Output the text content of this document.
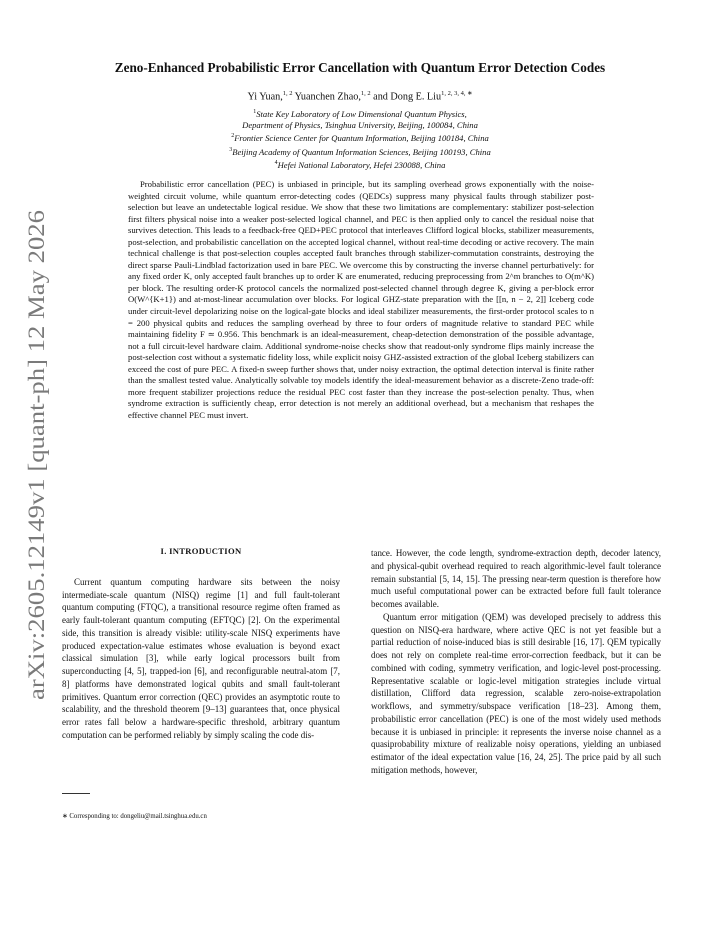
arXiv:2605.12149v1 [quant-ph] 12 May 2026
Zeno-Enhanced Probabilistic Error Cancellation with Quantum Error Detection Codes
Yi Yuan,$^{1, 2}$ Yuanchen Zhao,$^{1, 2}$ and Dong E. Liu$^{1, 2, 3, 4, ∗}$
$^1$State Key Laboratory of Low Dimensional Quantum Physics,
Department of Physics, Tsinghua University, Beijing, 100084, China
$^2$Frontier Science Center for Quantum Information, Beijing 100184, China
$^3$Beijing Academy of Quantum Information Sciences, Beijing 100193, China
$^4$Hefei National Laboratory, Hefei 230088, China
Probabilistic error cancellation (PEC) is unbiased in principle, but its sampling overhead grows exponentially with the noise-weighted circuit volume, while quantum error-detecting codes (QEDCs) suppress many physical faults through stabilizer post-selection but leave an undetectable logical residue. We show that these two limitations are complementary: stabilizer post-selection first filters physical noise into a weaker post-selected logical channel, and PEC is then applied only to cancel the residual noise that survives detection. This leads to a feedback-free QED+PEC protocol that interleaves Clifford logical blocks, stabilizer measurements, post-selection, and probabilistic cancellation on the accepted logical channel, without real-time decoding or active recovery. The main technical challenge is that post-selection couples accepted fault branches through stabilizer-commutation constraints, destroying the direct sparse Pauli-Lindblad factorization used in bare PEC. We overcome this by constructing the inverse channel perturbatively: for any fixed order K, only accepted fault branches up to order K are enumerated, reducing preprocessing from 2^m branches to O(m^K) per block. The resulting order-K protocol cancels the normalized post-selected channel through degree K, giving a per-block error O(W^{K+1}) and at-most-linear accumulation over blocks. For logical GHZ-state preparation with the [[n, n − 2, 2]] Iceberg code under circuit-level depolarizing noise on the logical-gate blocks and ideal stabilizer measurements, the first-order protocol scales to n = 200 physical qubits and reduces the sampling overhead by three to four orders of magnitude relative to standard PEC while maintaining fidelity F ≃ 0.956. This benchmark is an ideal-measurement, cheap-detection demonstration of the possible advantage, not a full circuit-level hardware claim. Additional syndrome-noise checks show that readout-only syndrome flips mainly increase the post-selection cost without a systematic fidelity loss, while explicit noisy GHZ-assisted extraction of the global Iceberg stabilizers can exceed the cost of pure PEC. A fixed-n sweep further shows that, under noisy extraction, the optimal detection interval is finite rather than the smallest tested value. Analytically solvable toy models identify the ideal-measurement behavior as a discrete-Zeno trade-off: more frequent stabilizer projections reduce the residual PEC cost faster than they increase the post-selection penalty. Thus, when syndrome extraction is sufficiently cheap, error detection is not merely an additional overhead, but a mechanism that reshapes the effective channel PEC must invert.
I. INTRODUCTION

Current quantum computing hardware sits between the noisy intermediate-scale quantum (NISQ) regime [1] and full fault-tolerant quantum computing (FTQC), a transitional resource regime often framed as early fault-tolerant quantum computing (EFTQC) [2]. On the experimental side, this transition is already visible: utility-scale NISQ experiments have produced expectation-value estimates whose evaluation is beyond exact classical simulation [3], while early logical processors built from superconducting [4, 5], trapped-ion [6], and reconfigurable neutral-atom [7, 8] platforms have demonstrated logical qubits and small fault-tolerant primitives. Quantum error correction (QEC) provides an asymptotic route to scalability, and the threshold theorem [9–13] guarantees that, once physical error rates fall below a hardware-specific threshold, arbitrary quantum computation can be performed reliably by simply scaling the code dis-

tance. However, the code length, syndrome-extraction depth, decoder latency, and physical-qubit overhead required to reach algorithmic-level fault tolerance remain substantial [5, 14, 15]. The pressing near-term question is therefore how much useful computational power can be extracted before full fault tolerance becomes available.

Quantum error mitigation (QEM) was developed precisely to address this question on NISQ-era hardware, where active QEC is not yet feasible but a partial reduction of noise-induced bias is still desirable [16, 17]. QEM typically does not rely on complete real-time error-correction feedback, but it can be combined with coding, symmetry verification, and logic-level post-processing. Representative scalable or logic-level mitigation strategies include virtual distillation, Clifford data regression, scalable zero-noise-extrapolation workflows, and symmetry/subspace verification [18–23]. Among them, probabilistic error cancellation (PEC) is one of the most widely used methods because it is unbiased in principle: it represents the inverse noise channel as a quasiprobability mixture of realizable noisy operations, yielding an unbiased estimator of the ideal expectation value [16, 24, 25]. The price paid by all such mitigation methods, however,

∗ Corresponding to: dongeliu@mail.tsinghua.edu.cn
